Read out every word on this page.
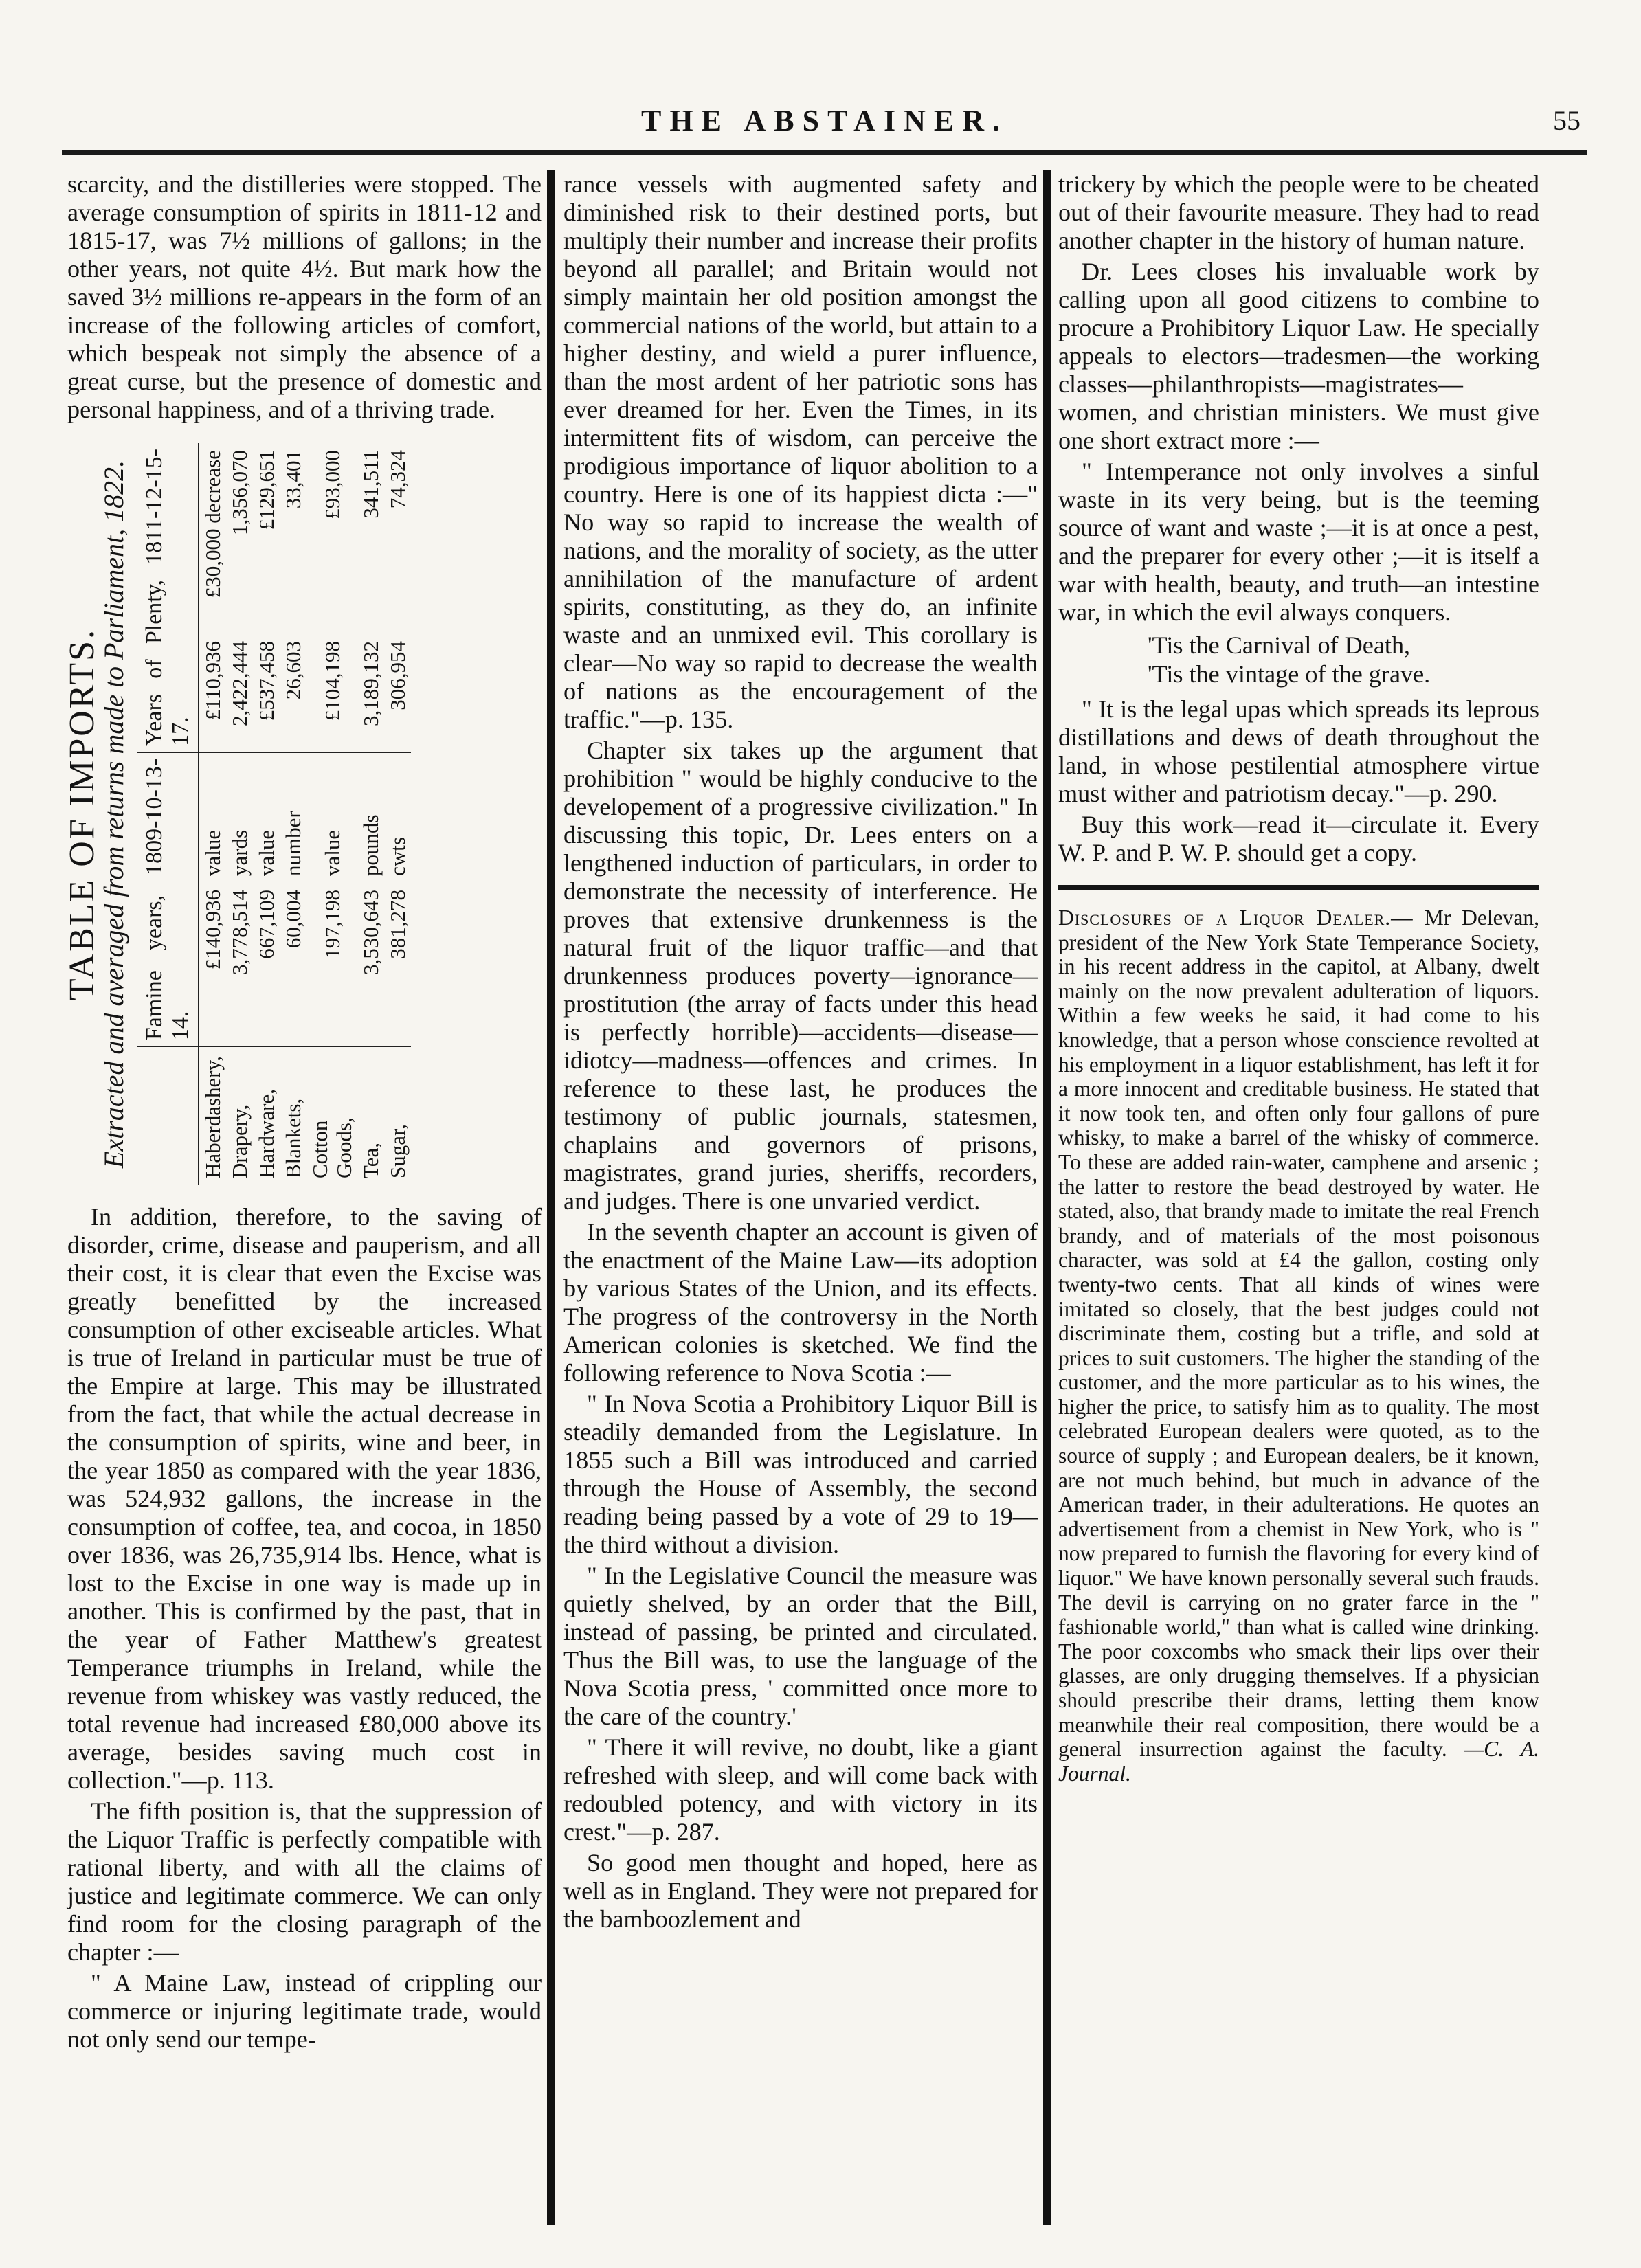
THE ABSTAINER.	55

scarcity, and the distilleries were stopped. The average consumption of spirits in 1811-12 and 1815-17, was 7½ millions of gallons; in the other years, not quite 4½. But mark how the saved 3½ millions re-appears in the form of an increase of the following articles of comfort, which bespeak not simply the absence of a great curse, but the presence of domestic and personal happiness, and of a thriving trade.

TABLE OF IMPORTS.
Extracted and averaged from returns made to Parliament, 1822.
	Famine years, 1809-10-13-14.		Years of Plenty, 1811-12-15-17.	
Haberdashery,	£140,936	value	£110,936	£30,000 decrease
Drapery,	3,778,514	yards	2,422,444	1,356,070
Hardware,	667,109	value	£537,458	£129,651
Blankets,	60,004	number	26,603	33,401
Cotton Goods,	197,198	value	£104,198	£93,000
Tea,	3,530,643	pounds	3,189,132	341,511
Sugar,	381,278	cwts	306,954	74,324

In addition, therefore, to the saving of disorder, crime, disease and pauperism, and all their cost, it is clear that even the Excise was greatly benefitted by the increased consumption of other exciseable articles. What is true of Ireland in particular must be true of the Empire at large. This may be illustrated from the fact, that while the actual decrease in the consumption of spirits, wine and beer, in the year 1850 as compared with the year 1836, was 524,932 gallons, the increase in the consumption of coffee, tea, and cocoa, in 1850 over 1836, was 26,735,914 lbs. Hence, what is lost to the Excise in one way is made up in another. This is confirmed by the past, that in the year of Father Matthew's greatest Temperance triumphs in Ireland, while the revenue from whiskey was vastly reduced, the total revenue had increased £80,000 above its average, besides saving much cost in collection."—p. 113.

The fifth position is, that the suppression of the Liquor Traffic is perfectly compatible with rational liberty, and with all the claims of justice and legitimate commerce. We can only find room for the closing paragraph of the chapter :—

" A Maine Law, instead of crippling our commerce or injuring legitimate trade, would not only send our tempe-

rance vessels with augmented safety and diminished risk to their destined ports, but multiply their number and increase their profits beyond all parallel; and Britain would not simply maintain her old position amongst the commercial nations of the world, but attain to a higher destiny, and wield a purer influence, than the most ardent of her patriotic sons has ever dreamed for her. Even the Times, in its intermittent fits of wisdom, can perceive the prodigious importance of liquor abolition to a country. Here is one of its happiest dicta :—" No way so rapid to increase the wealth of nations, and the morality of society, as the utter annihilation of the manufacture of ardent spirits, constituting, as they do, an infinite waste and an unmixed evil. This corollary is clear—No way so rapid to decrease the wealth of nations as the encouragement of the traffic."—p. 135.

Chapter six takes up the argument that prohibition " would be highly conducive to the developement of a progressive civilization." In discussing this topic, Dr. Lees enters on a lengthened induction of particulars, in order to demonstrate the necessity of interference. He proves that extensive drunkenness is the natural fruit of the liquor traffic—and that drunkenness produces poverty—ignorance—prostitution (the array of facts under this head is perfectly horrible)—accidents—disease—idiotcy—madness—offences and crimes. In reference to these last, he produces the testimony of public journals, statesmen, chaplains and governors of prisons, magistrates, grand juries, sheriffs, recorders, and judges. There is one unvaried verdict.

In the seventh chapter an account is given of the enactment of the Maine Law—its adoption by various States of the Union, and its effects. The progress of the controversy in the North American colonies is sketched. We find the following reference to Nova Scotia :—

" In Nova Scotia a Prohibitory Liquor Bill is steadily demanded from the Legislature. In 1855 such a Bill was introduced and carried through the House of Assembly, the second reading being passed by a vote of 29 to 19—the third without a division.

" In the Legislative Council the measure was quietly shelved, by an order that the Bill, instead of passing, be printed and circulated. Thus the Bill was, to use the language of the Nova Scotia press, ' committed once more to the care of the country.'

" There it will revive, no doubt, like a giant refreshed with sleep, and will come back with redoubled potency, and with victory in its crest."—p. 287.

So good men thought and hoped, here as well as in England. They were not prepared for the bamboozlement and

trickery by which the people were to be cheated out of their favourite measure. They had to read another chapter in the history of human nature.

Dr. Lees closes his invaluable work by calling upon all good citizens to combine to procure a Prohibitory Liquor Law. He specially appeals to electors—tradesmen—the working classes—philanthropists—magistrates—women, and christian ministers. We must give one short extract more :—

" Intemperance not only involves a sinful waste in its very being, but is the teeming source of want and waste ;—it is at once a pest, and the preparer for every other ;—it is itself a war with health, beauty, and truth—an intestine war, in which the evil always conquers.

'Tis the Carnival of Death,
'Tis the vintage of the grave.

" It is the legal upas which spreads its leprous distillations and dews of death throughout the land, in whose pestilential atmosphere virtue must wither and patriotism decay."—p. 290.

Buy this work—read it—circulate it. Every W. P. and P. W. P. should get a copy.

Disclosures of a Liquor Dealer.— Mr Delevan, president of the New York State Temperance Society, in his recent address in the capitol, at Albany, dwelt mainly on the now prevalent adulteration of liquors. Within a few weeks he said, it had come to his knowledge, that a person whose conscience revolted at his employment in a liquor establishment, has left it for a more innocent and creditable business. He stated that it now took ten, and often only four gallons of pure whisky, to make a barrel of the whisky of commerce. To these are added rain-water, camphene and arsenic ; the latter to restore the bead destroyed by water. He stated, also, that brandy made to imitate the real French brandy, and of materials of the most poisonous character, was sold at £4 the gallon, costing only twenty-two cents. That all kinds of wines were imitated so closely, that the best judges could not discriminate them, costing but a trifle, and sold at prices to suit customers. The higher the standing of the customer, and the more particular as to his wines, the higher the price, to satisfy him as to quality. The most celebrated European dealers were quoted, as to the source of supply ; and European dealers, be it known, are not much behind, but much in advance of the American trader, in their adulterations. He quotes an advertisement from a chemist in New York, who is " now prepared to furnish the flavoring for every kind of liquor." We have known personally several such frauds. The devil is carrying on no grater farce in the " fashionable world," than what is called wine drinking. The poor coxcombs who smack their lips over their glasses, are only drugging themselves. If a physician should prescribe their drams, letting them know meanwhile their real composition, there would be a general insurrection against the faculty. —C. A. Journal.
